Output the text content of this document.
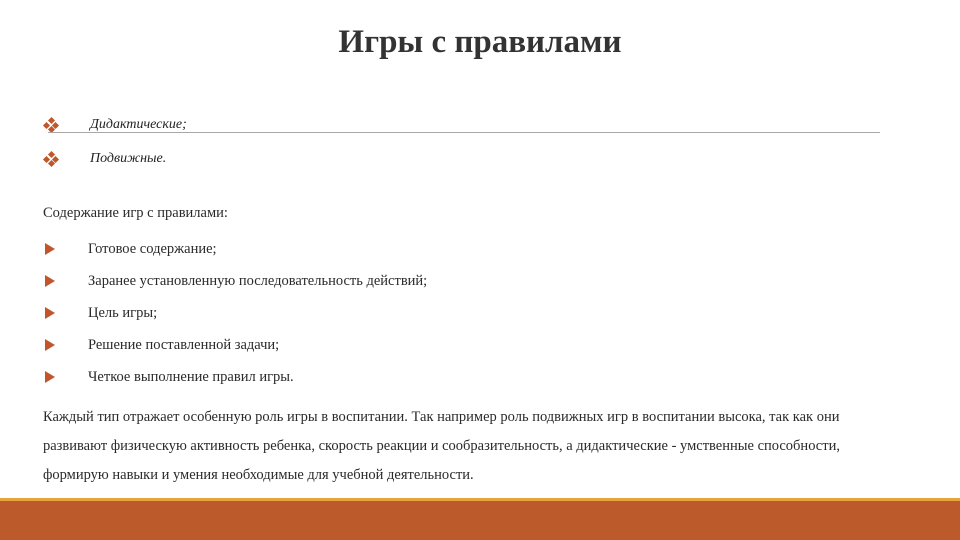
Игры с правилами
Дидактические;
Подвижные.
Содержание игр с правилами:
Готовое содержание;
Заранее установленную последовательность действий;
Цель игры;
Решение поставленной задачи;
Четкое выполнение правил игры.
Каждый тип отражает особенную роль игры в воспитании. Так например роль подвижных игр в воспитании высока, так как они развивают физическую активность ребенка, скорость реакции и сообразительность, а дидактические - умственные способности, формирую навыки и умения необходимые для учебной деятельности.
